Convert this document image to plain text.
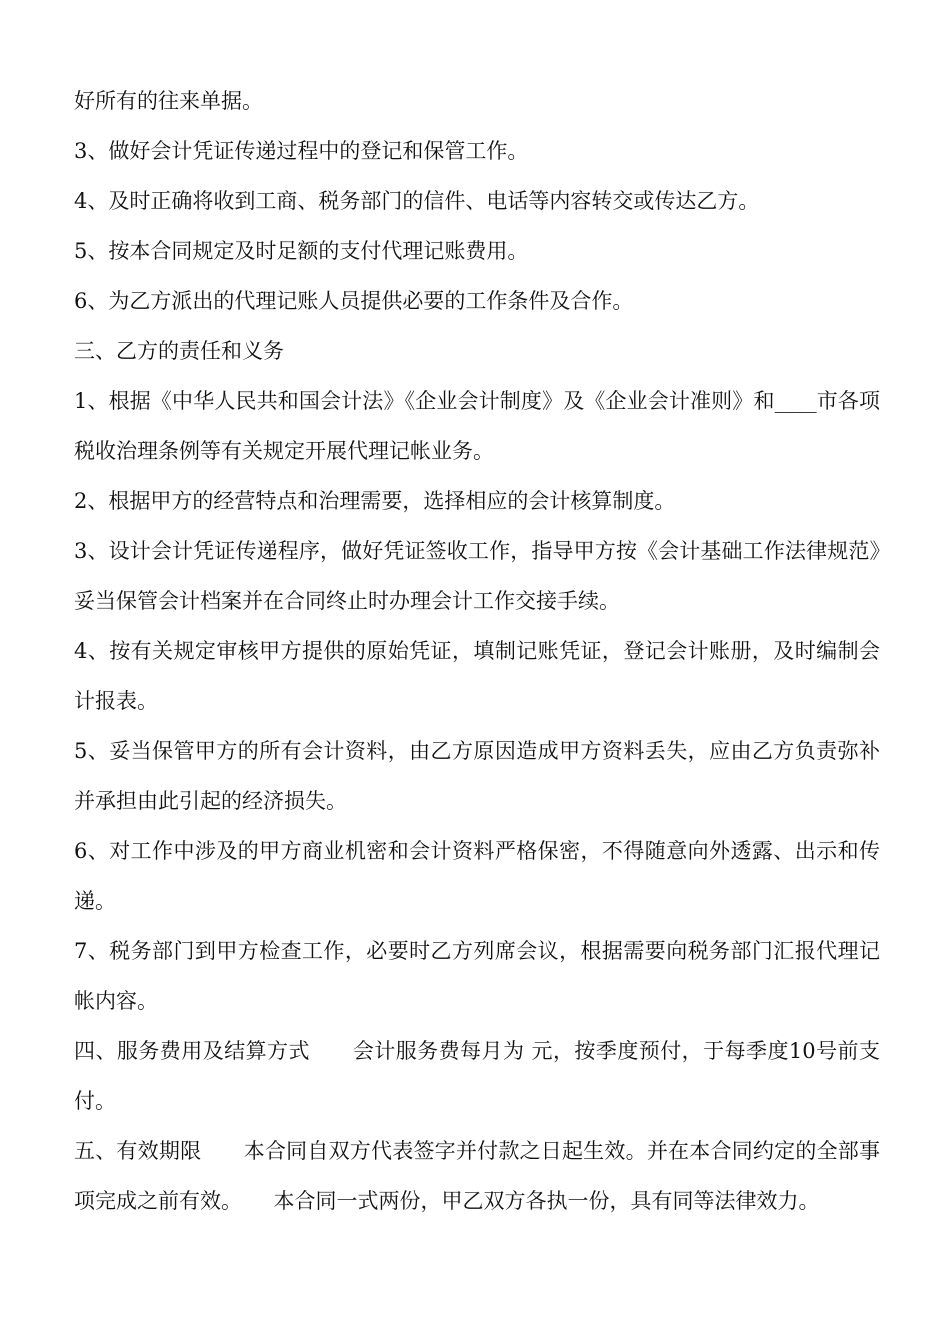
好所有的往来单据。

3、做好会计凭证传递过程中的登记和保管工作。

4、及时正确将收到工商、税务部门的信件、电话等内容转交或传达乙方。

5、按本合同规定及时足额的支付代理记账费用。

6、为乙方派出的代理记账人员提供必要的工作条件及合作。

三、乙方的责任和义务

1、根据《中华人民共和国会计法》《企业会计制度》及《企业会计准则》和____市各项税收治理条例等有关规定开展代理记帐业务。

2、根据甲方的经营特点和治理需要，选择相应的会计核算制度。

3、设计会计凭证传递程序，做好凭证签收工作，指导甲方按《会计基础工作法律规范》妥当保管会计档案并在合同终止时办理会计工作交接手续。

4、按有关规定审核甲方提供的原始凭证，填制记账凭证，登记会计账册，及时编制会计报表。

5、妥当保管甲方的所有会计资料，由乙方原因造成甲方资料丢失，应由乙方负责弥补并承担由此引起的经济损失。

6、对工作中涉及的甲方商业机密和会计资料严格保密，不得随意向外透露、出示和传递。

7、税务部门到甲方检查工作，必要时乙方列席会议，根据需要向税务部门汇报代理记帐内容。

四、服务费用及结算方式　　会计服务费每月为 元，按季度预付，于每季度10号前支付。

五、有效期限　　本合同自双方代表签字并付款之日起生效。并在本合同约定的全部事项完成之前有效。　　本合同一式两份，甲乙双方各执一份，具有同等法律效力。
